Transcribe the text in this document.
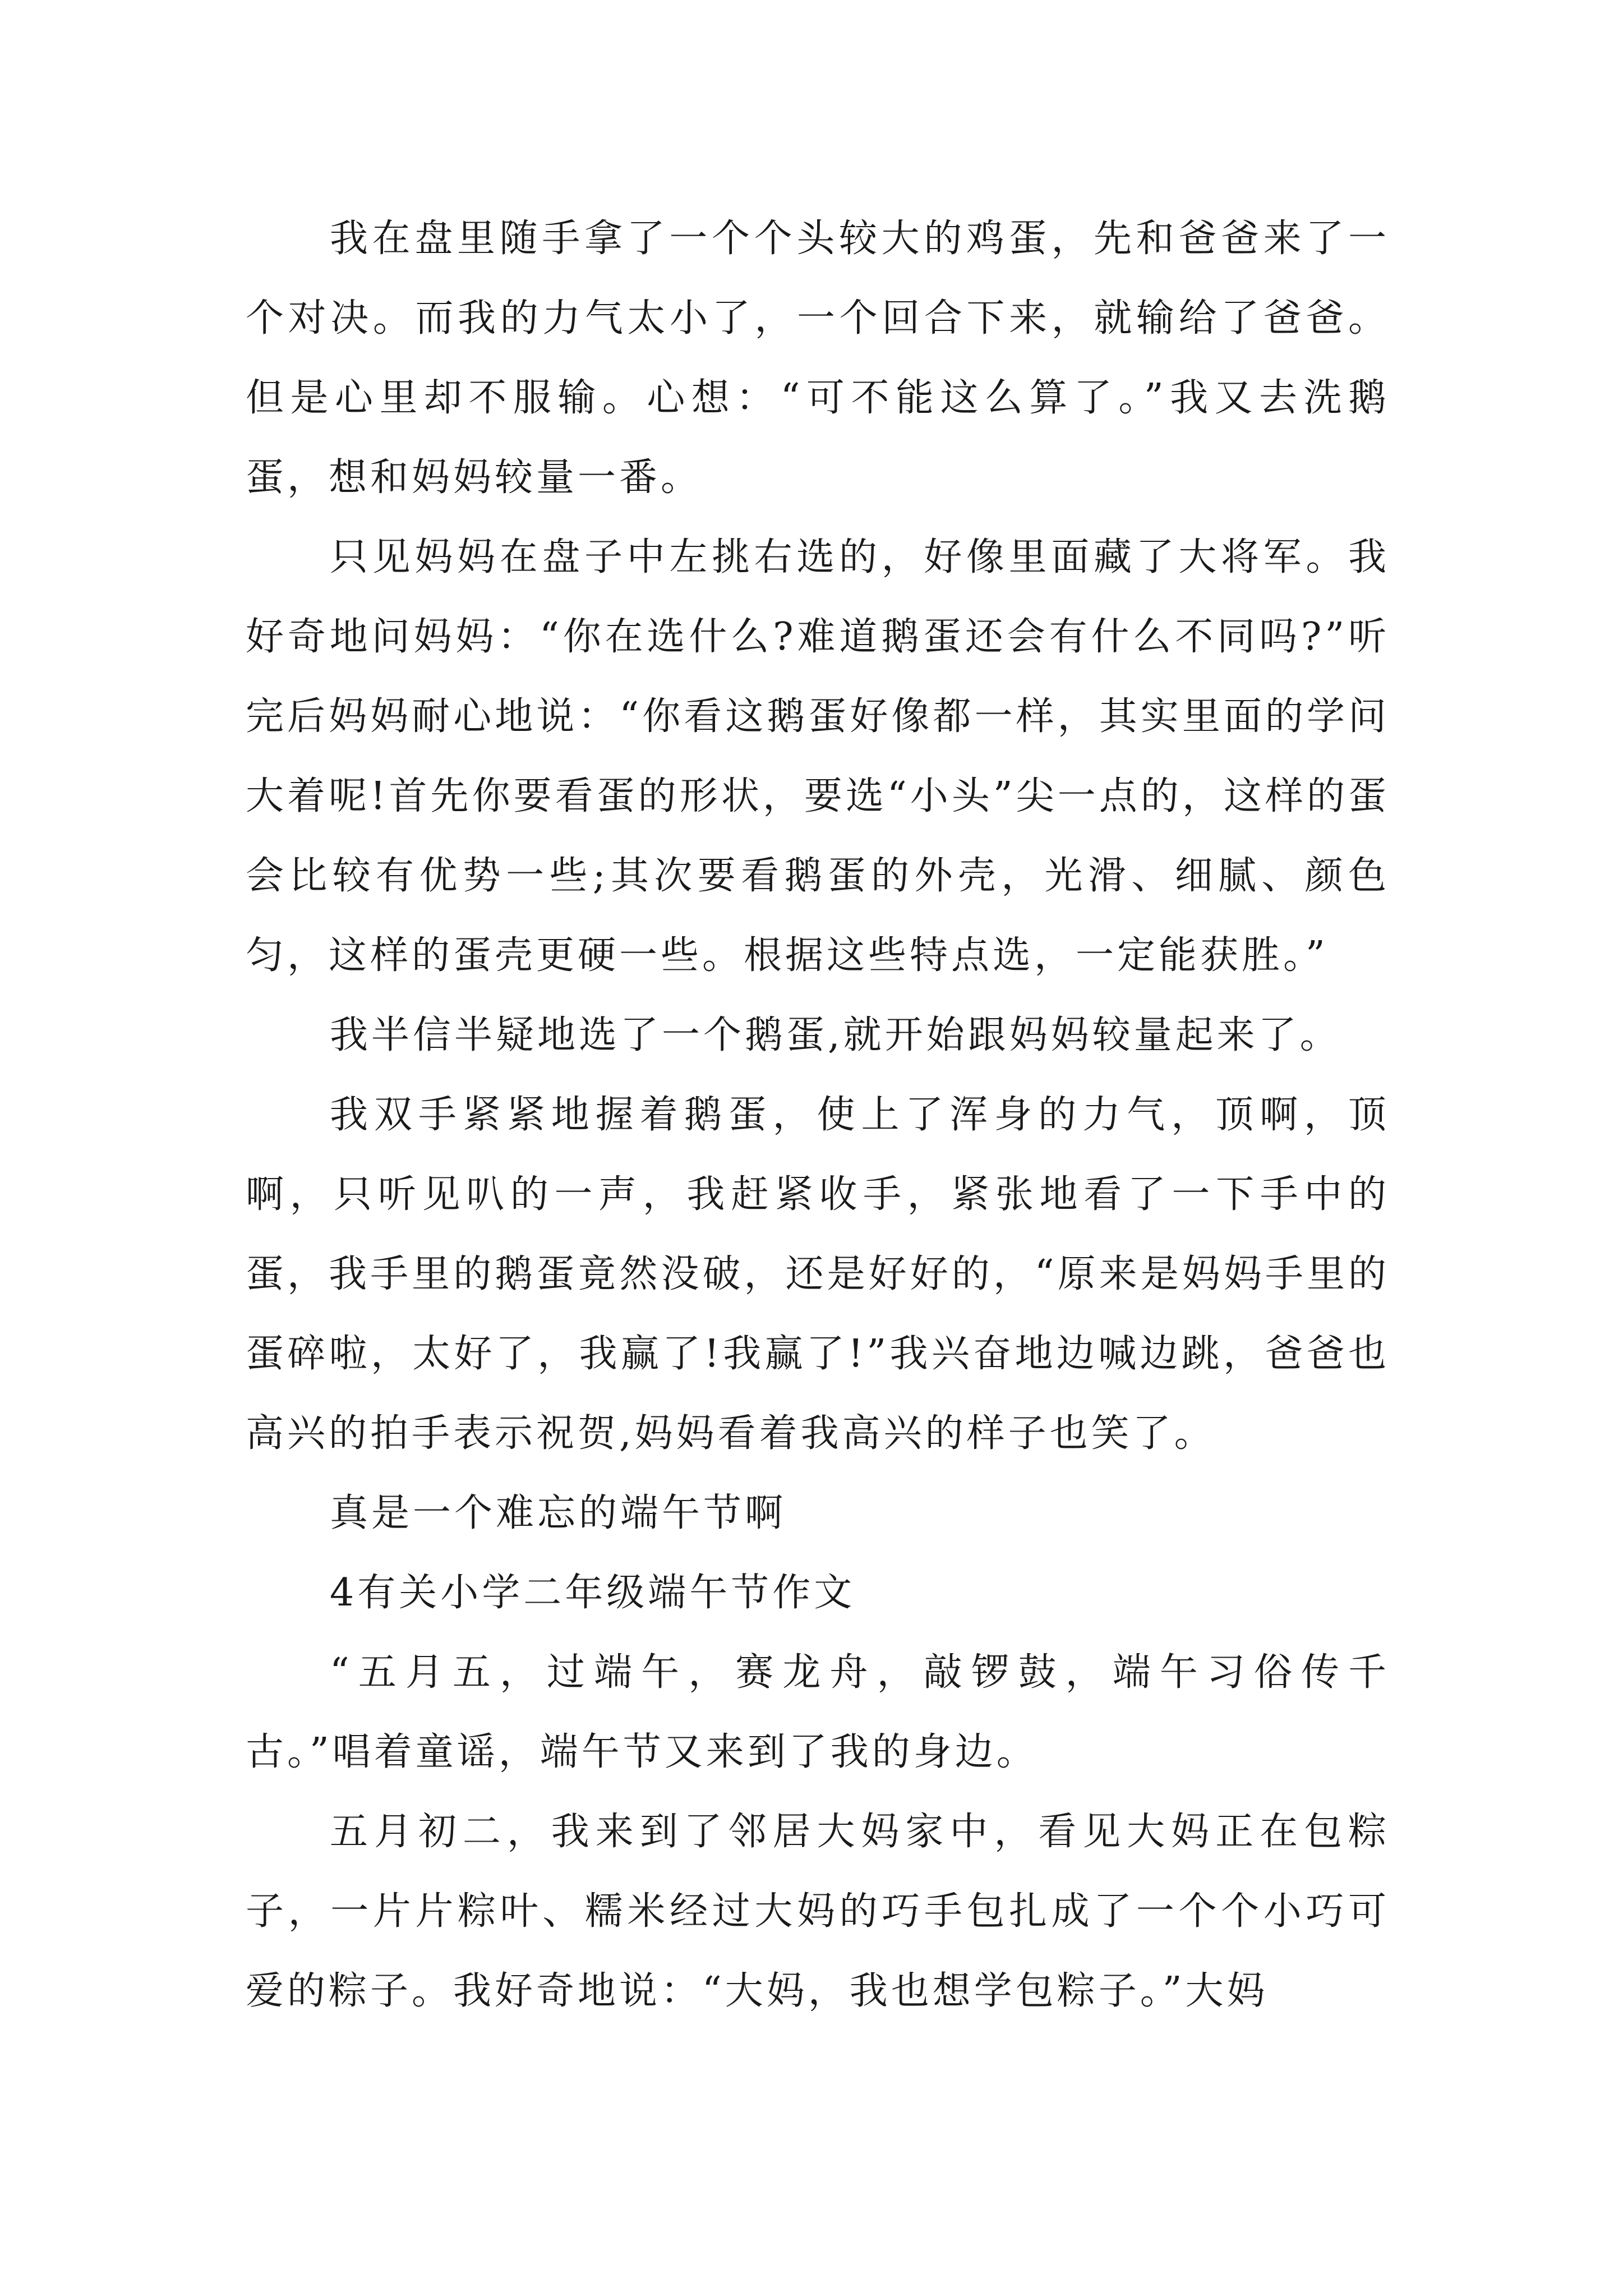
我在盘里随手拿了一个个头较大的鸡蛋，先和爸爸来了一个对决。而我的力气太小了，一个回合下来，就输给了爸爸。但是心里却不服输。心想：“可不能这么算了。”我又去洗鹅蛋，想和妈妈较量一番。

只见妈妈在盘子中左挑右选的，好像里面藏了大将军。我好奇地问妈妈：“你在选什么?难道鹅蛋还会有什么不同吗?”听完后妈妈耐心地说：“你看这鹅蛋好像都一样，其实里面的学问大着呢!首先你要看蛋的形状，要选“小头”尖一点的，这样的蛋会比较有优势一些;其次要看鹅蛋的外壳，光滑、细腻、颜色匀，这样的蛋壳更硬一些。根据这些特点选，一定能获胜。”

我半信半疑地选了一个鹅蛋,就开始跟妈妈较量起来了。

我双手紧紧地握着鹅蛋，使上了浑身的力气，顶啊，顶啊，只听见叭的一声，我赶紧收手，紧张地看了一下手中的蛋，我手里的鹅蛋竟然没破，还是好好的，“原来是妈妈手里的蛋碎啦，太好了，我赢了!我赢了!”我兴奋地边喊边跳，爸爸也高兴的拍手表示祝贺,妈妈看着我高兴的样子也笑了。

真是一个难忘的端午节啊

4有关小学二年级端午节作文

“五月五，过端午，赛龙舟，敲锣鼓，端午习俗传千古。”唱着童谣，端午节又来到了我的身边。

五月初二，我来到了邻居大妈家中，看见大妈正在包粽子，一片片粽叶、糯米经过大妈的巧手包扎成了一个个小巧可爱的粽子。我好奇地说：“大妈，我也想学包粽子。”大妈
